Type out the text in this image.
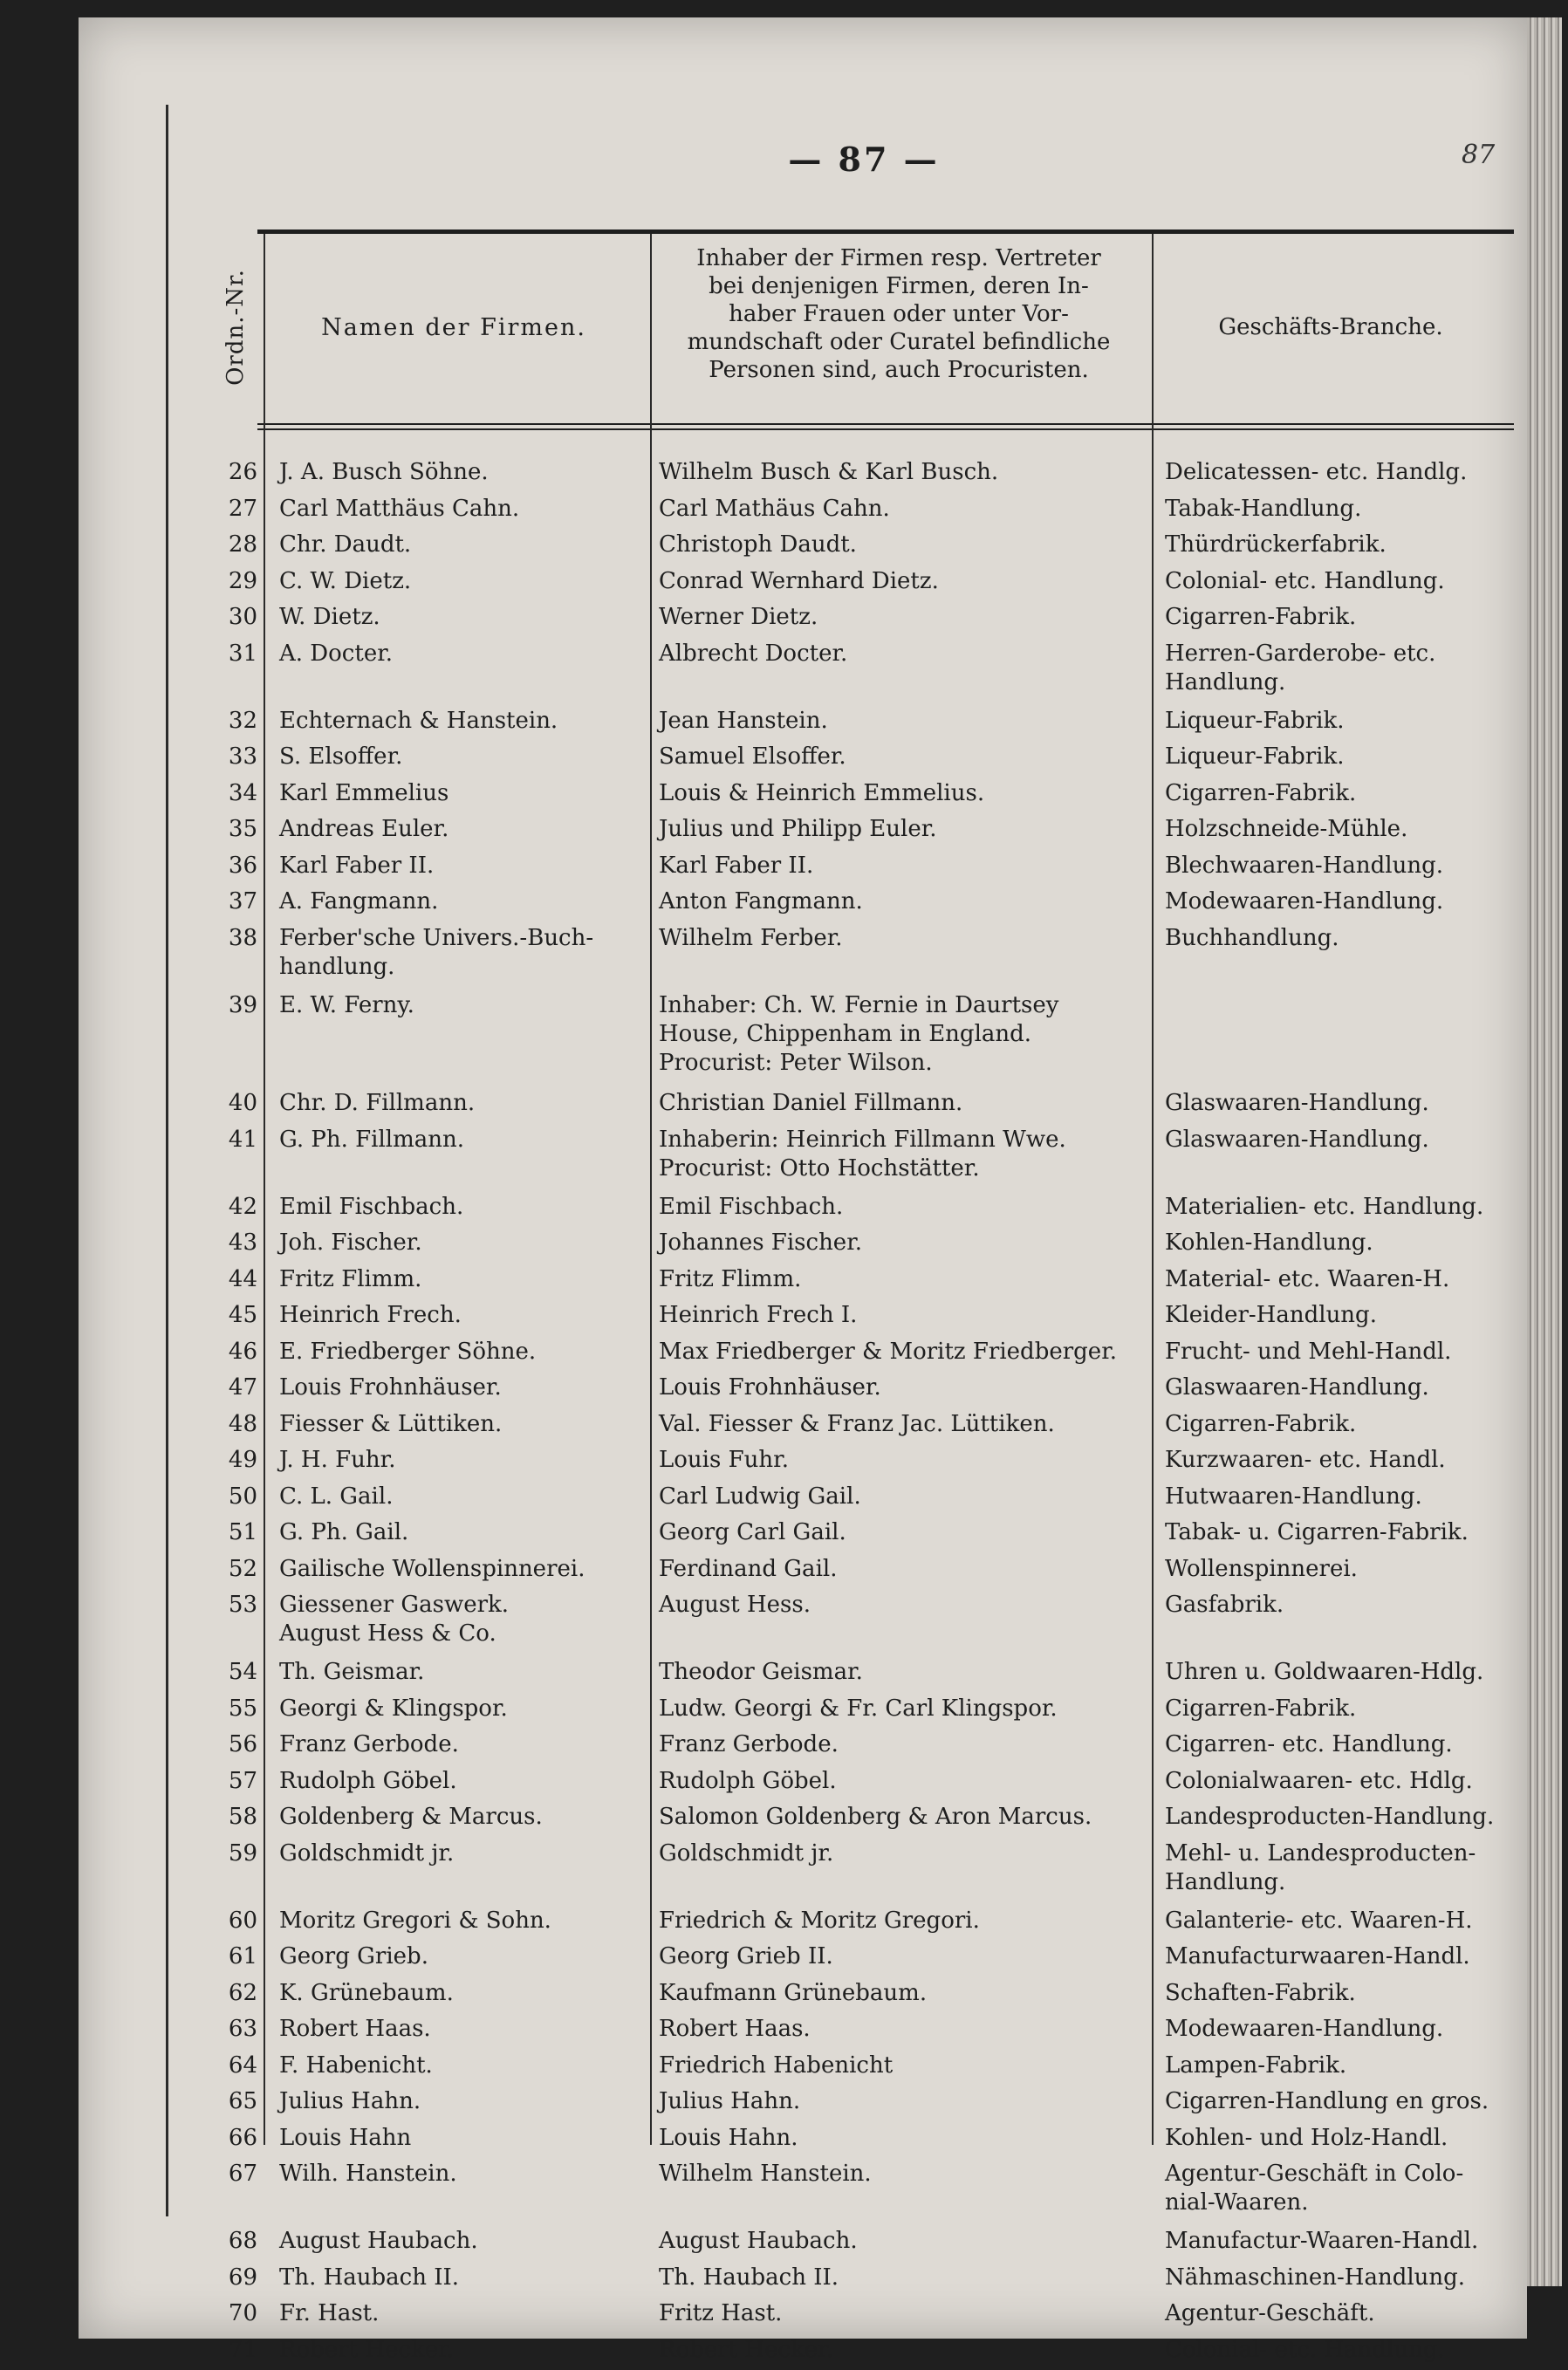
— 87 —	87
Ordn.-Nr.	Namen der Firmen.
Inhaber der Firmen resp. Vertreter
bei denjenigen Firmen, deren In-
haber Frauen oder unter Vor-
mundschaft oder Curatel befindliche
Personen sind, auch Procuristen.
Geschäfts-Branche.
26 J. A. Busch Söhne.	Wilhelm Busch & Karl Busch.	Delicatessen- etc. Handlg.
27 Carl Matthäus Cahn.	Carl Mathäus Cahn.	Tabak-Handlung.
28 Chr. Daudt.	Christoph Daudt.	Thürdrückerfabrik.
29 C. W. Dietz.	Conrad Wernhard Dietz.	Colonial- etc. Handlung.
30 W. Dietz.	Werner Dietz.	Cigarren-Fabrik.
31 A. Docter.	Albrecht Docter.	Herren-Garderobe- etc.
Handlung.
32 Echternach & Hanstein.	Jean Hanstein.	Liqueur-Fabrik.
33 S. Elsoffer.	Samuel Elsoffer.	Liqueur-Fabrik.
34 Karl Emmelius	Louis & Heinrich Emmelius.	Cigarren-Fabrik.
35 Andreas Euler.	Julius und Philipp Euler.	Holzschneide-Mühle.
36 Karl Faber II.	Karl Faber II.	Blechwaaren-Handlung.
37 A. Fangmann.	Anton Fangmann.	Modewaaren-Handlung.
38 Ferber'sche Univers.-Buch-
handlung.
Wilhelm Ferber.	Buchhandlung.
39 E. W. Ferny.	Inhaber: Ch. W. Fernie in Daurtsey
House, Chippenham in England.
Procurist: Peter Wilson.
40 Chr. D. Fillmann.	Christian Daniel Fillmann.	Glaswaaren-Handlung.
41 G. Ph. Fillmann.	Inhaberin: Heinrich Fillmann Wwe.
Procurist: Otto Hochstätter.
Glaswaaren-Handlung.
42 Emil Fischbach.	Emil Fischbach.	Materialien- etc. Handlung.
43 Joh. Fischer.	Johannes Fischer.	Kohlen-Handlung.
44 Fritz Flimm.	Fritz Flimm.	Material- etc. Waaren-H.
45 Heinrich Frech.	Heinrich Frech I.	Kleider-Handlung.
46 E. Friedberger Söhne.	Max Friedberger & Moritz Friedberger.	Frucht- und Mehl-Handl.
47 Louis Frohnhäuser.	Louis Frohnhäuser.	Glaswaaren-Handlung.
48 Fiesser & Lüttiken.	Val. Fiesser & Franz Jac. Lüttiken.	Cigarren-Fabrik.
49 J. H. Fuhr.	Louis Fuhr.	Kurzwaaren- etc. Handl.
50 C. L. Gail.	Carl Ludwig Gail.	Hutwaaren-Handlung.
51 G. Ph. Gail.	Georg Carl Gail.	Tabak- u. Cigarren-Fabrik.
52 Gailische Wollenspinnerei.	Ferdinand Gail.	Wollenspinnerei.
53 Giessener Gaswerk.
August Hess & Co.
August Hess.	Gasfabrik.
54 Th. Geismar.	Theodor Geismar.	Uhren u. Goldwaaren-Hdlg.
55 Georgi & Klingspor.	Ludw. Georgi & Fr. Carl Klingspor.	Cigarren-Fabrik.
56 Franz Gerbode.	Franz Gerbode.	Cigarren- etc. Handlung.
57 Rudolph Göbel.	Rudolph Göbel.	Colonialwaaren- etc. Hdlg.
58 Goldenberg & Marcus.	Salomon Goldenberg & Aron Marcus.	Landesproducten-Handlung.
59 Goldschmidt jr.	Goldschmidt jr.	Mehl- u. Landesproducten-
Handlung.
60 Moritz Gregori & Sohn.	Friedrich & Moritz Gregori.	Galanterie- etc. Waaren-H.
61 Georg Grieb.	Georg Grieb II.	Manufacturwaaren-Handl.
62 K. Grünebaum.	Kaufmann Grünebaum.	Schaften-Fabrik.
63 Robert Haas.	Robert Haas.	Modewaaren-Handlung.
64 F. Habenicht.	Friedrich Habenicht	Lampen-Fabrik.
65 Julius Hahn.	Julius Hahn.	Cigarren-Handlung en gros.
66 Louis Hahn	Louis Hahn.	Kohlen- und Holz-Handl.
67 Wilh. Hanstein.	Wilhelm Hanstein.	Agentur-Geschäft in Colo-
nial-Waaren.
68 August Haubach.	August Haubach.	Manufactur-Waaren-Handl.
69 Th. Haubach II.	Th. Haubach II.	Nähmaschinen-Handlung.
70 Fr. Hast.	Fritz Hast.	Agentur-Geschäft.
71 Robert Hecker.	Robert Hecker.	Colonial- etc. Handlung.
